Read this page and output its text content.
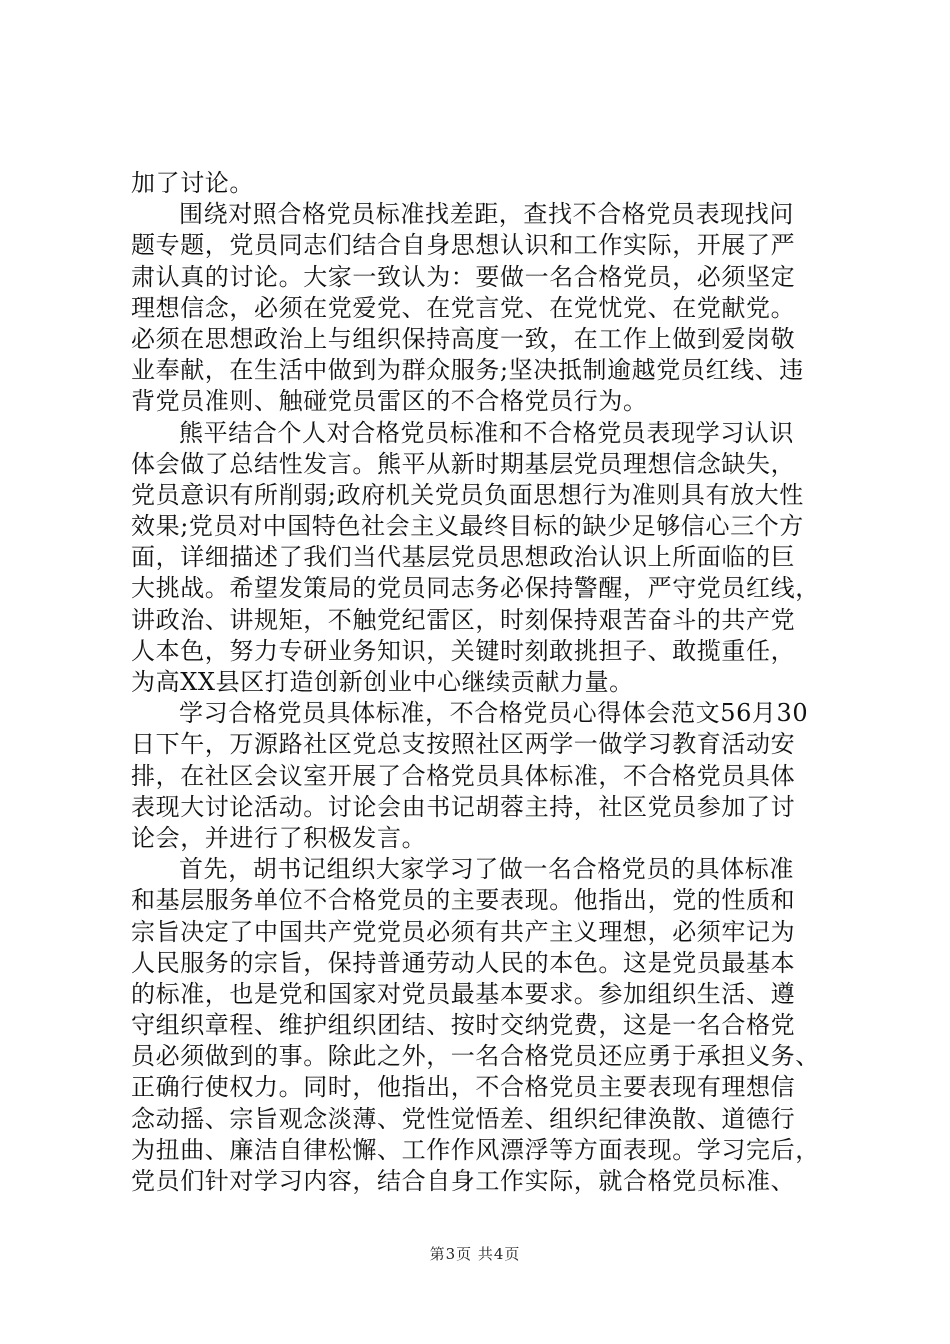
加了讨论。
围绕对照合格党员标准找差距，查找不合格党员表现找问
题专题，党员同志们结合自身思想认识和工作实际，开展了严
肃认真的讨论。大家一致认为：要做一名合格党员，必须坚定
理想信念，必须在党爱党、在党言党、在党忧党、在党献党。
必须在思想政治上与组织保持高度一致，在工作上做到爱岗敬
业奉献，在生活中做到为群众服务;坚决抵制逾越党员红线、违
背党员准则、触碰党员雷区的不合格党员行为。
熊平结合个人对合格党员标准和不合格党员表现学习认识
体会做了总结性发言。熊平从新时期基层党员理想信念缺失，
党员意识有所削弱;政府机关党员负面思想行为准则具有放大性
效果;党员对中国特色社会主义最终目标的缺少足够信心三个方
面，详细描述了我们当代基层党员思想政治认识上所面临的巨
大挑战。希望发策局的党员同志务必保持警醒，严守党员红线，
讲政治、讲规矩，不触党纪雷区，时刻保持艰苦奋斗的共产党
人本色，努力专研业务知识，关键时刻敢挑担子、敢揽重任，
为高XX县区打造创新创业中心继续贡献力量。
学习合格党员具体标准，不合格党员心得体会范文56月30
日下午，万源路社区党总支按照社区两学一做学习教育活动安
排，在社区会议室开展了合格党员具体标准，不合格党员具体
表现大讨论活动。讨论会由书记胡蓉主持，社区党员参加了讨
论会，并进行了积极发言。
首先，胡书记组织大家学习了做一名合格党员的具体标准
和基层服务单位不合格党员的主要表现。他指出，党的性质和
宗旨决定了中国共产党党员必须有共产主义理想，必须牢记为
人民服务的宗旨，保持普通劳动人民的本色。这是党员最基本
的标准，也是党和国家对党员最基本要求。参加组织生活、遵
守组织章程、维护组织团结、按时交纳党费，这是一名合格党
员必须做到的事。除此之外，一名合格党员还应勇于承担义务、
正确行使权力。同时，他指出，不合格党员主要表现有理想信
念动摇、宗旨观念淡薄、党性觉悟差、组织纪律涣散、道德行
为扭曲、廉洁自律松懈、工作作风漂浮等方面表现。学习完后，
党员们针对学习内容，结合自身工作实际，就合格党员标准、
第3页 共4页
